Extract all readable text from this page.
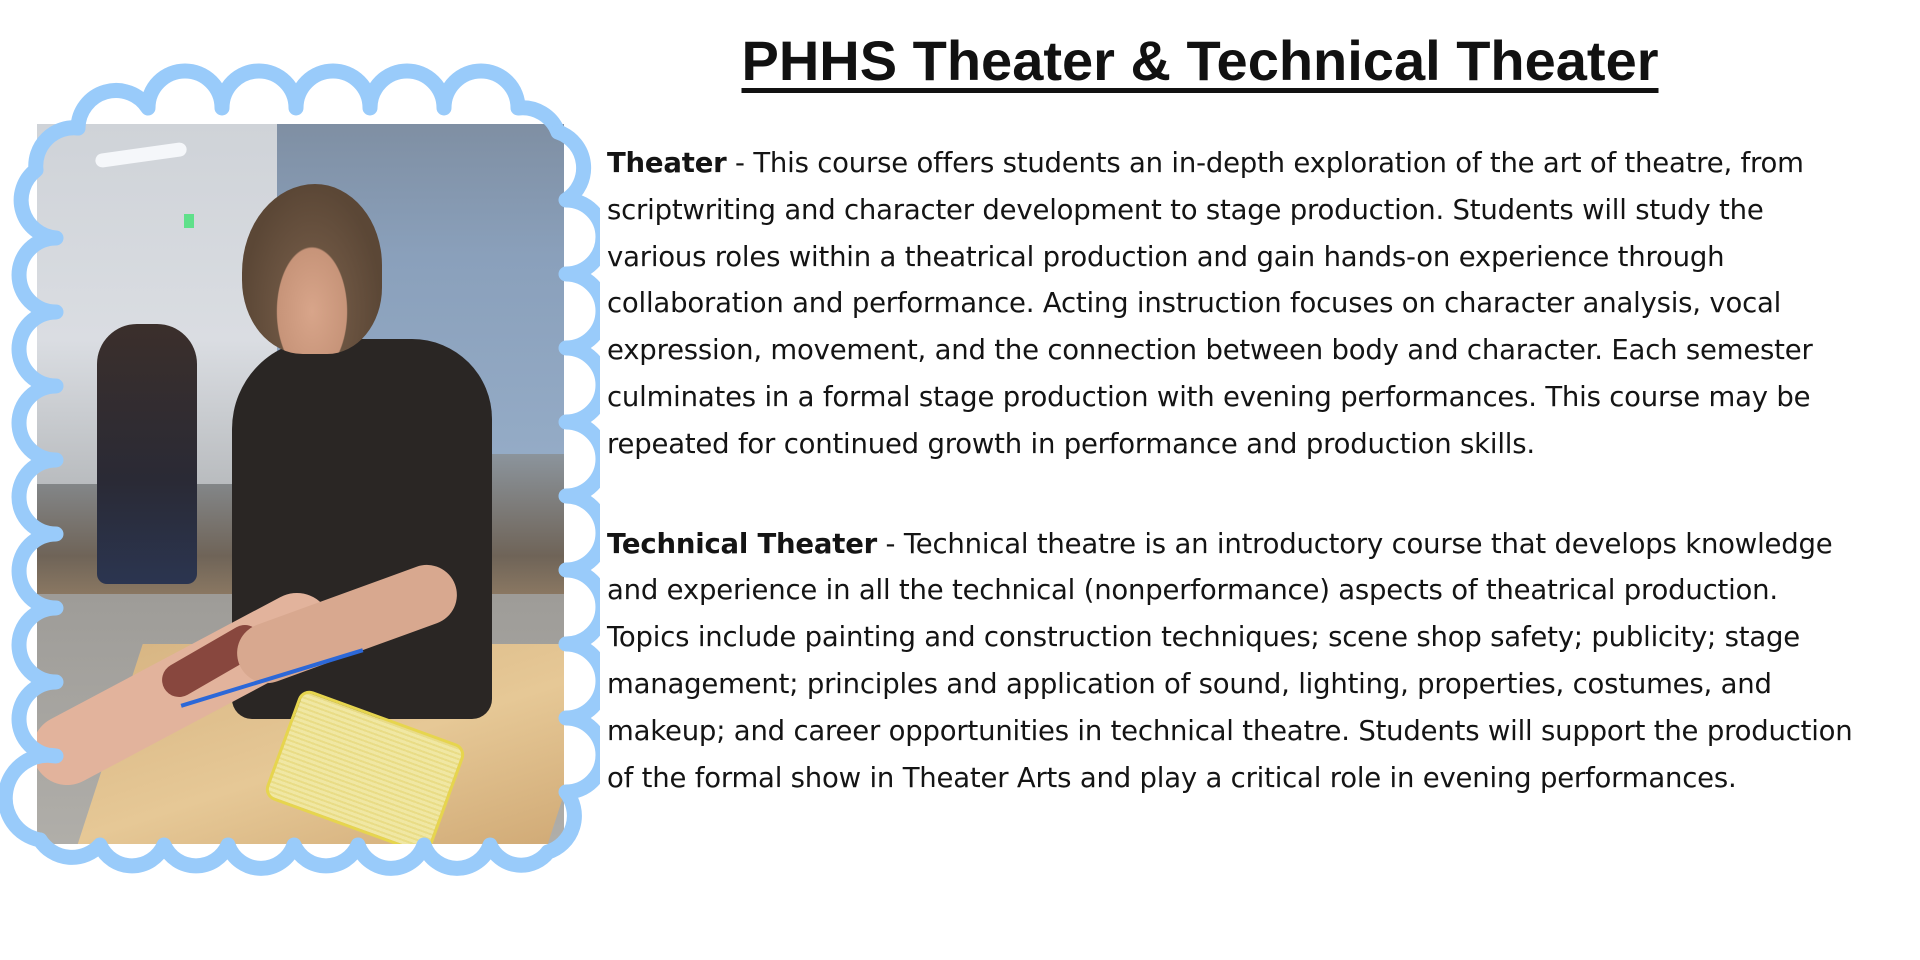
PHHS Theater & Technical Theater

Theater - This course offers students an in-depth exploration of the art of theatre, from scriptwriting and character development to stage production. Students will study the various roles within a theatrical production and gain hands-on experience through collaboration and performance. Acting instruction focuses on character analysis, vocal expression, movement, and the connection between body and character. Each semester culminates in a formal stage production with evening performances. This course may be repeated for continued growth in performance and production skills.

Technical Theater - Technical theatre is an introductory course that develops knowledge and experience in all the technical (nonperformance) aspects of theatrical production. Topics include painting and construction techniques; scene shop safety; publicity; stage management; principles and application of sound, lighting, properties, costumes, and makeup; and career opportunities in technical theatre. Students will support the production of the formal show in Theater Arts and play a critical role in evening performances.
